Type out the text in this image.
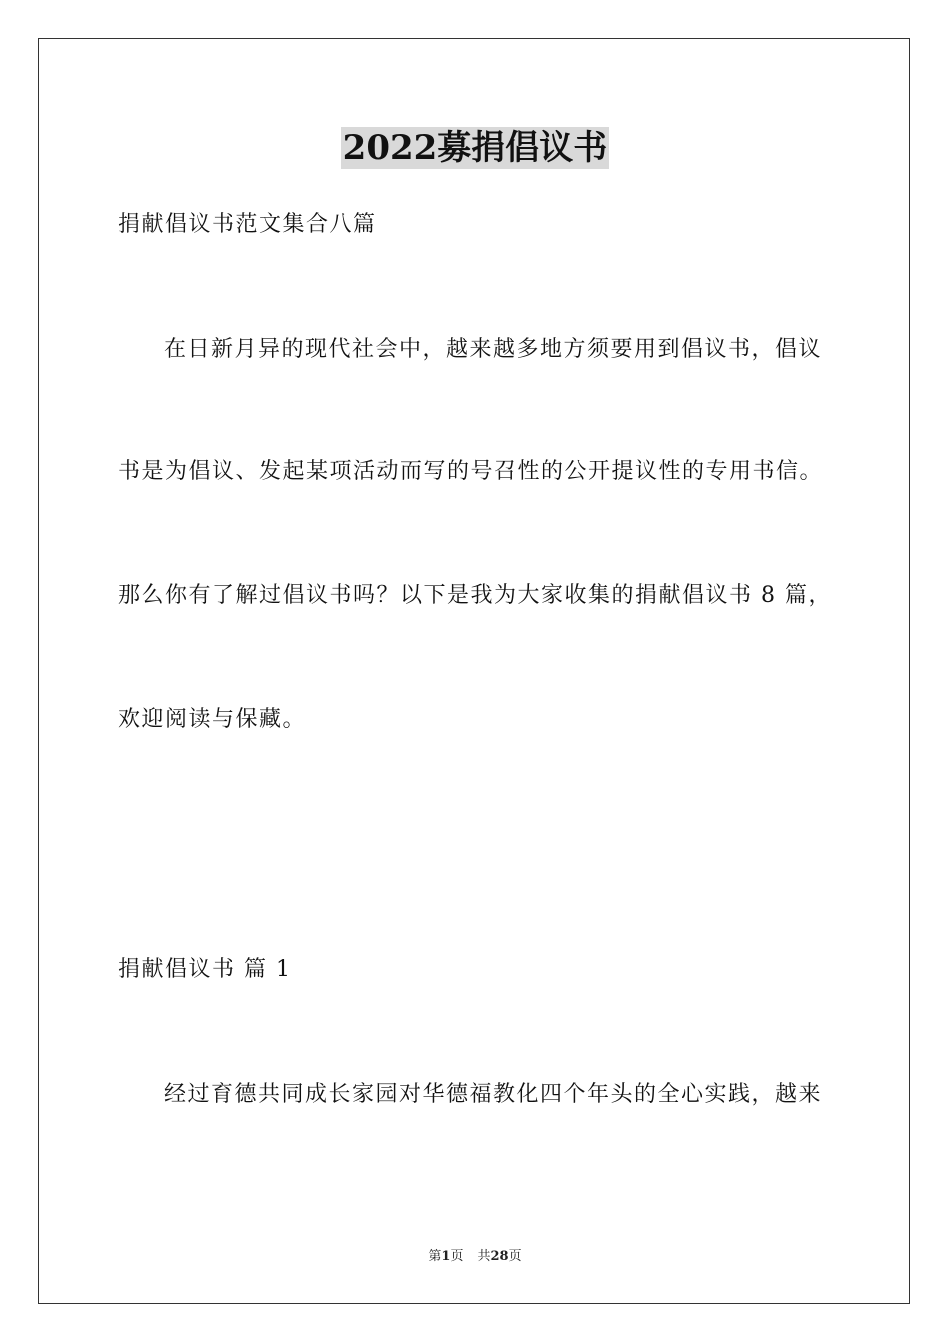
2022募捐倡议书
捐献倡议书范文集合八篇
在日新月异的现代社会中，越来越多地方须要用到倡议书，倡议
书是为倡议、发起某项活动而写的号召性的公开提议性的专用书信。
那么你有了解过倡议书吗？以下是我为大家收集的捐献倡议书 8 篇，
欢迎阅读与保藏。
捐献倡议书 篇 1
经过育德共同成长家园对华德福教化四个年头的全心实践，越来
第1页 共28页
